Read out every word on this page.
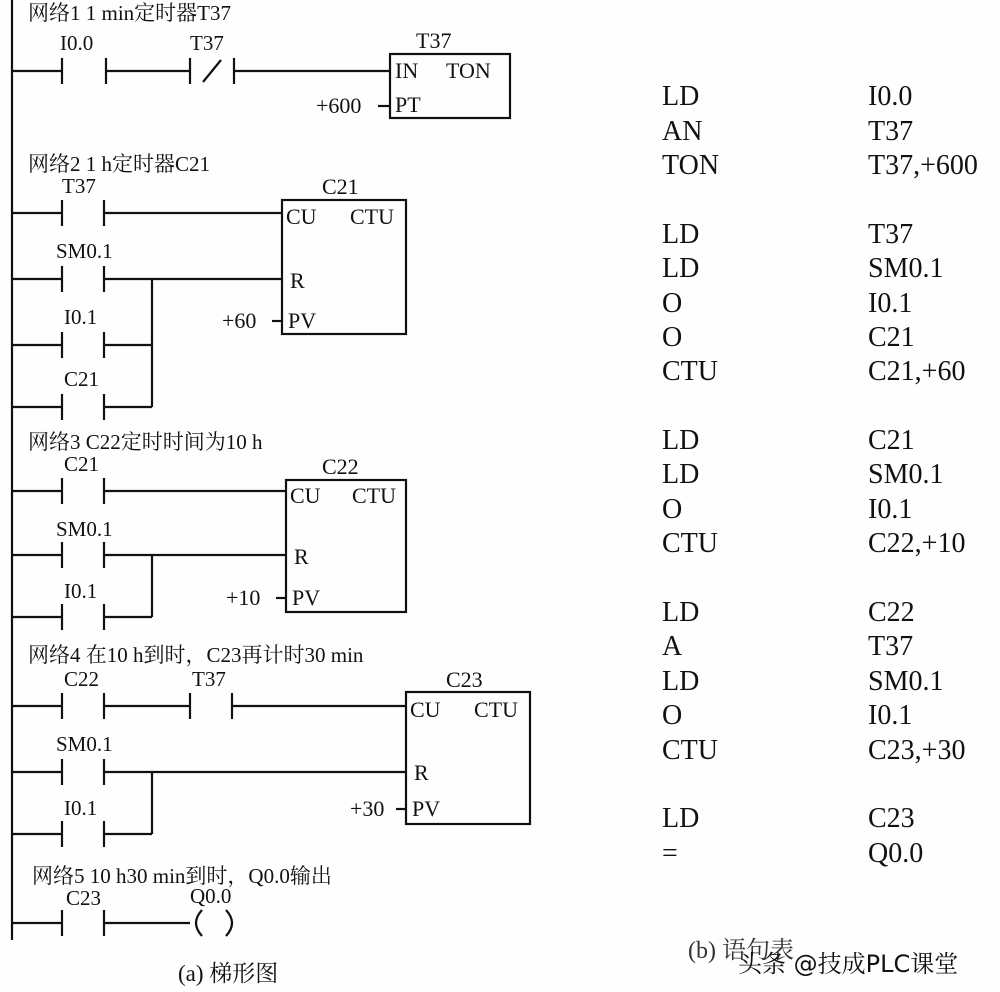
网络1 1 min定时器T37
I0.0	T37	T37
IN TON
PT
+600
网络2 1 h定时器C21
T37
SM0.1
I0.1
C21
C21
CU CTU
R
PV
+60
网络3 C22定时时间为10 h
C21
SM0.1
I0.1
C22
CU CTU
R
PV
+10
网络4 在10 h到时，C23再计时30 min
C22	T37
SM0.1
I0.1
C23
CU CTU
R
PV
+30
网络5 10 h30 min到时，Q0.0输出
C23	Q0.0
(a) 梯形图
LD	I0.0
AN	T37
TON	T37,+600
LD	T37
LD	SM0.1
O	I0.1
O	C21
CTU	C21,+60
LD	C21
LD	SM0.1
O	I0.1
CTU	C22,+10
LD	C22
A	T37
LD	SM0.1
O	I0.1
CTU	C23,+30
LD	C23
=	Q0.0
(b) 语句表
头条 @技成PLC课堂
